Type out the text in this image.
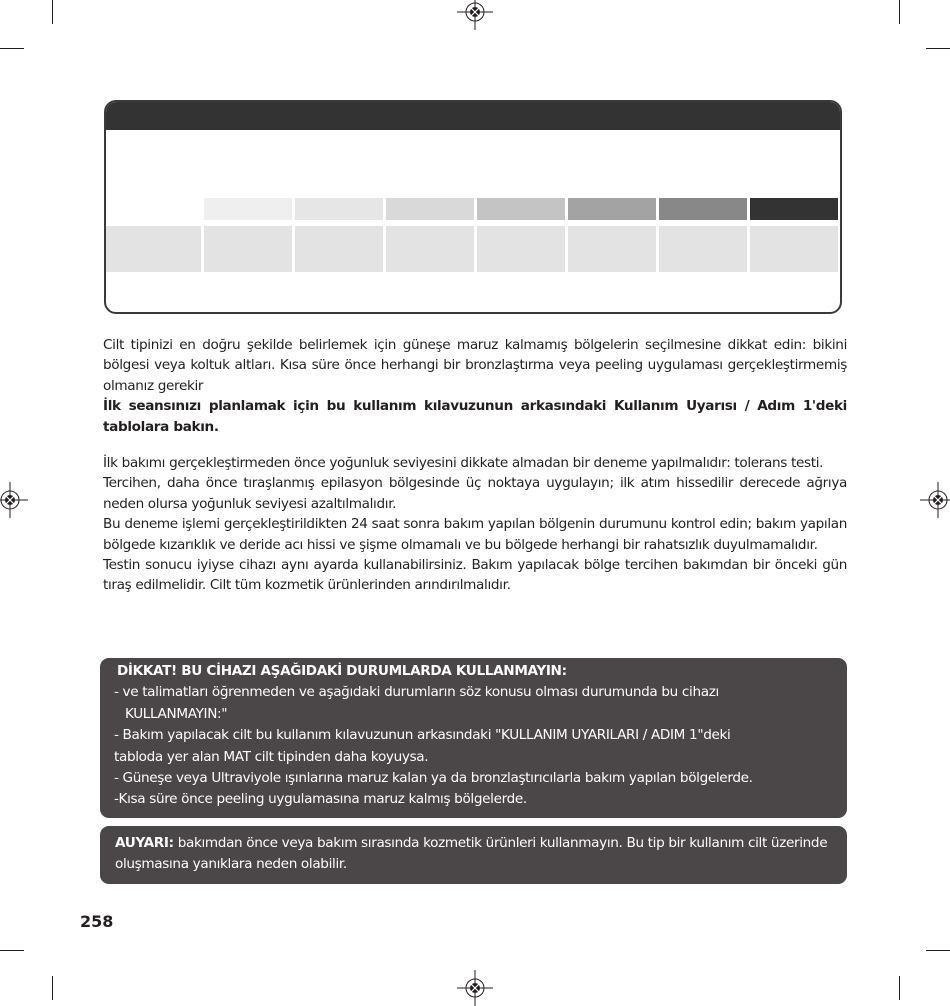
Cilt tipinizi en doğru şekilde belirlemek için güneşe maruz kalmamış bölgelerin seçilmesine dikkat edin: bikini bölgesi veya koltuk altları. Kısa süre önce herhangi bir bronzlaştırma veya peeling uygulaması gerçekleştirmemiş olmanız gerekir

İlk seansınızı planlamak için bu kullanım kılavuzunun arkasındaki Kullanım Uyarısı / Adım 1'deki tablolara bakın.

İlk bakımı gerçekleştirmeden önce yoğunluk seviyesini dikkate almadan bir deneme yapılmalıdır: tolerans testi.

Tercihen, daha önce tıraşlanmış epilasyon bölgesinde üç noktaya uygulayın; ilk atım hissedilir derecede ağrıya neden olursa yoğunluk seviyesi azaltılmalıdır.

Bu deneme işlemi gerçekleştirildikten 24 saat sonra bakım yapılan bölgenin durumunu kontrol edin; bakım yapılan bölgede kızarıklık ve deride acı hissi ve şişme olmamalı ve bu bölgede herhangi bir rahatsızlık duyulmamalıdır.

Testin sonucu iyiyse cihazı aynı ayarda kullanabilirsiniz. Bakım yapılacak bölge tercihen bakımdan bir önceki gün tıraş edilmelidir. Cilt tüm kozmetik ürünlerinden arındırılmalıdır.

DİKKAT! BU CİHAZI AŞAĞIDAKİ DURUMLARDA KULLANMAYIN:
- ve talimatları öğrenmeden ve aşağıdaki durumların söz konusu olması durumunda bu cihazı
KULLANMAYIN:"
- Bakım yapılacak cilt bu kullanım kılavuzunun arkasındaki "KULLANIM UYARILARI / ADIM 1"deki
tabloda yer alan MAT cilt tipinden daha koyuysa.
- Güneşe veya Ultraviyole ışınlarına maruz kalan ya da bronzlaştırıcılarla bakım yapılan bölgelerde.
-Kısa süre önce peeling uygulamasına maruz kalmış bölgelerde.
AUYARI: bakımdan önce veya bakım sırasında kozmetik ürünleri kullanmayın. Bu tip bir kullanım cilt üzerinde oluşmasına yanıklara neden olabilir.
258
